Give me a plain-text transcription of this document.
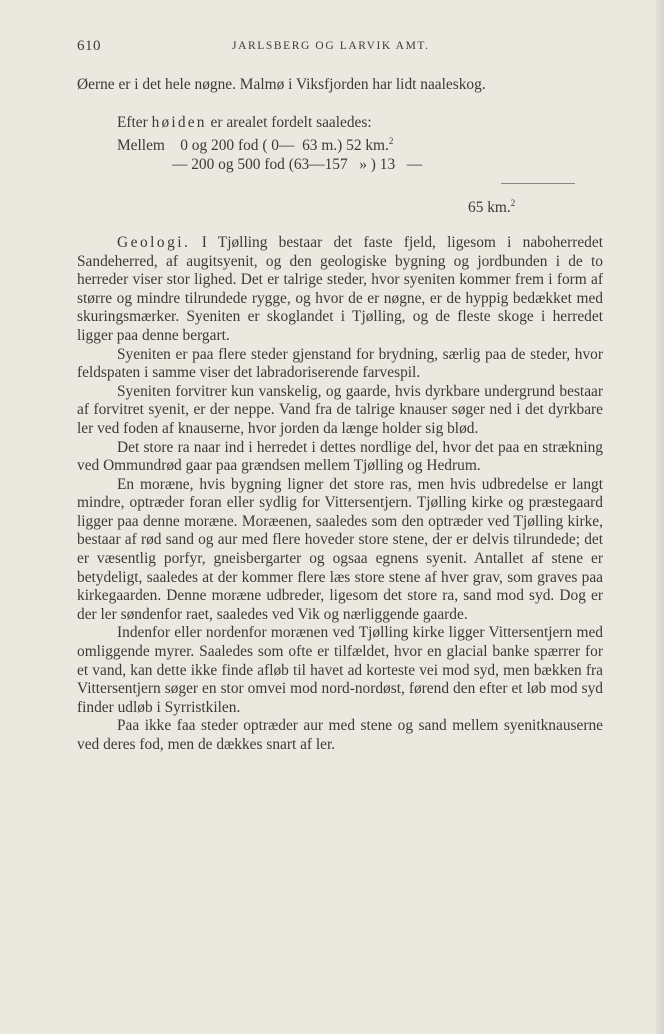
610	JARLSBERG OG LARVIK AMT.

Øerne er i det hele nøgne. Malmø i Viksfjorden har lidt naaleskog.

Efter høiden er arealet fordelt saaledes:

Mellem    0 og 200 fod ( 0—  63 m.) 52 km.$^2$
— 200 og 500 fod (63—157   » ) 13   —
65 km.$^2$

Geologi. I Tjølling bestaar det faste fjeld, ligesom i naboherredet Sandeherred, af augitsyenit, og den geologiske bygning og jordbunden i de to herreder viser stor lighed. Det er talrige steder, hvor syeniten kommer frem i form af større og mindre tilrundede rygge, og hvor de er nøgne, er de hyppig bedækket med skuringsmærker. Syeniten er skoglandet i Tjølling, og de fleste skoge i herredet ligger paa denne bergart.

Syeniten er paa flere steder gjenstand for brydning, særlig paa de steder, hvor feldspaten i samme viser det labradoriserende farvespil.

Syeniten forvitrer kun vanskelig, og gaarde, hvis dyrkbare undergrund bestaar af forvitret syenit, er der neppe. Vand fra de talrige knauser søger ned i det dyrkbare ler ved foden af knauserne, hvor jorden da længe holder sig blød.

Det store ra naar ind i herredet i dettes nordlige del, hvor det paa en strækning ved Ommundrød gaar paa grændsen mellem Tjølling og Hedrum.

En moræne, hvis bygning ligner det store ras, men hvis udbredelse er langt mindre, optræder foran eller sydlig for Vittersentjern. Tjølling kirke og præstegaard ligger paa denne moræne. Moræenen, saaledes som den optræder ved Tjølling kirke, bestaar af rød sand og aur med flere hoveder store stene, der er delvis tilrundede; det er væsentlig porfyr, gneisbergarter og ogsaa egnens syenit. Antallet af stene er betydeligt, saaledes at der kommer flere læs store stene af hver grav, som graves paa kirkegaarden. Denne moræne udbreder, ligesom det store ra, sand mod syd. Dog er der ler søndenfor raet, saaledes ved Vik og nærliggende gaarde.

Indenfor eller nordenfor morænen ved Tjølling kirke ligger Vittersentjern med omliggende myrer. Saaledes som ofte er tilfældet, hvor en glacial banke spærrer for et vand, kan dette ikke finde afløb til havet ad korteste vei mod syd, men bækken fra Vittersentjern søger en stor omvei mod nord-nordøst, førend den efter et løb mod syd finder udløb i Syrristkilen.

Paa ikke faa steder optræder aur med stene og sand mellem syenitknauserne ved deres fod, men de dækkes snart af ler.
